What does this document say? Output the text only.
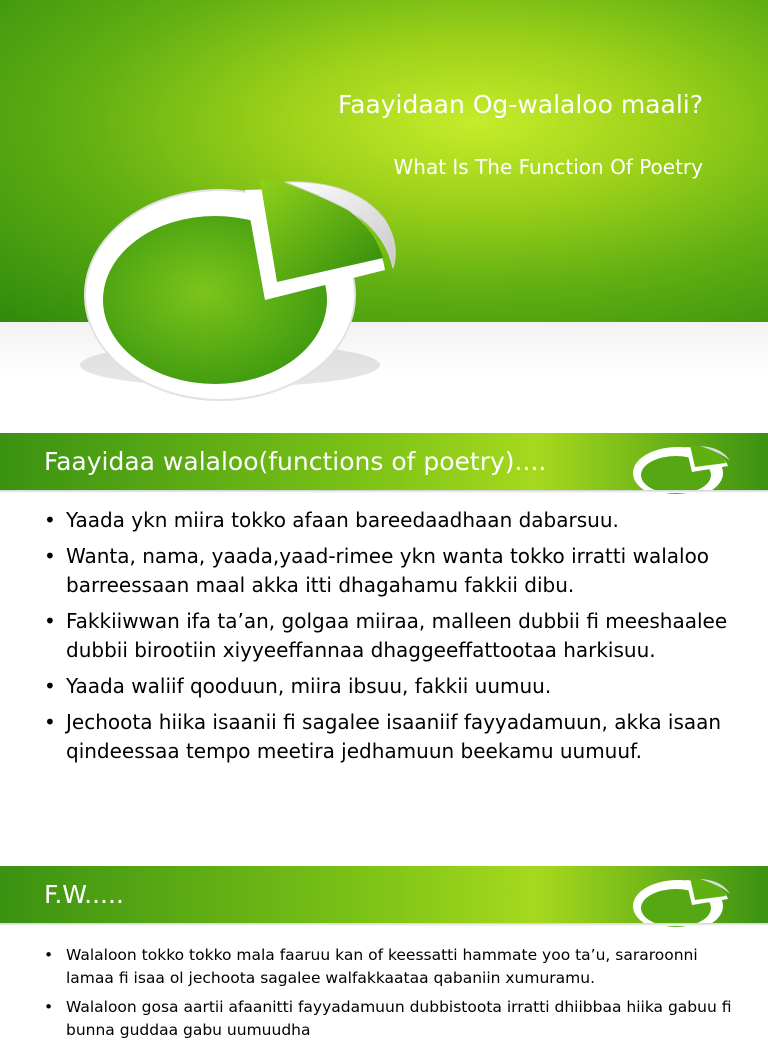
Faayidaan Og-walaloo maali?
What Is The Function Of Poetry
Faayidaa walaloo(functions of poetry)....
• Yaada ykn miira tokko afaan bareedaadhaan dabarsuu.
• Wanta, nama, yaada,yaad-rimee ykn wanta tokko irratti walaloo barreessaan maal akka itti dhagahamu fakkii dibu.
• Fakkiiwwan ifa ta’an, golgaa miiraa, malleen dubbii fi meeshaalee dubbii birootiin xiyyeeffannaa dhaggeeffattootaa harkisuu.
• Yaada waliif qooduun, miira ibsuu, fakkii uumuu.
• Jechoota hiika isaanii fi sagalee isaaniif fayyadamuun, akka isaan qindeessaa tempo meetira jedhamuun beekamu uumuuf.
F.W.....
• Walaloon tokko tokko mala faaruu kan of keessatti hammate yoo ta’u, sararoonni lamaa fi isaa ol jechoota sagalee walfakkaataa qabaniin xumuramu.
• Walaloon gosa aartii afaanitti fayyadamuun dubbistoota irratti dhiibbaa hiika gabuu fi bunna guddaa gabu uumuudha
